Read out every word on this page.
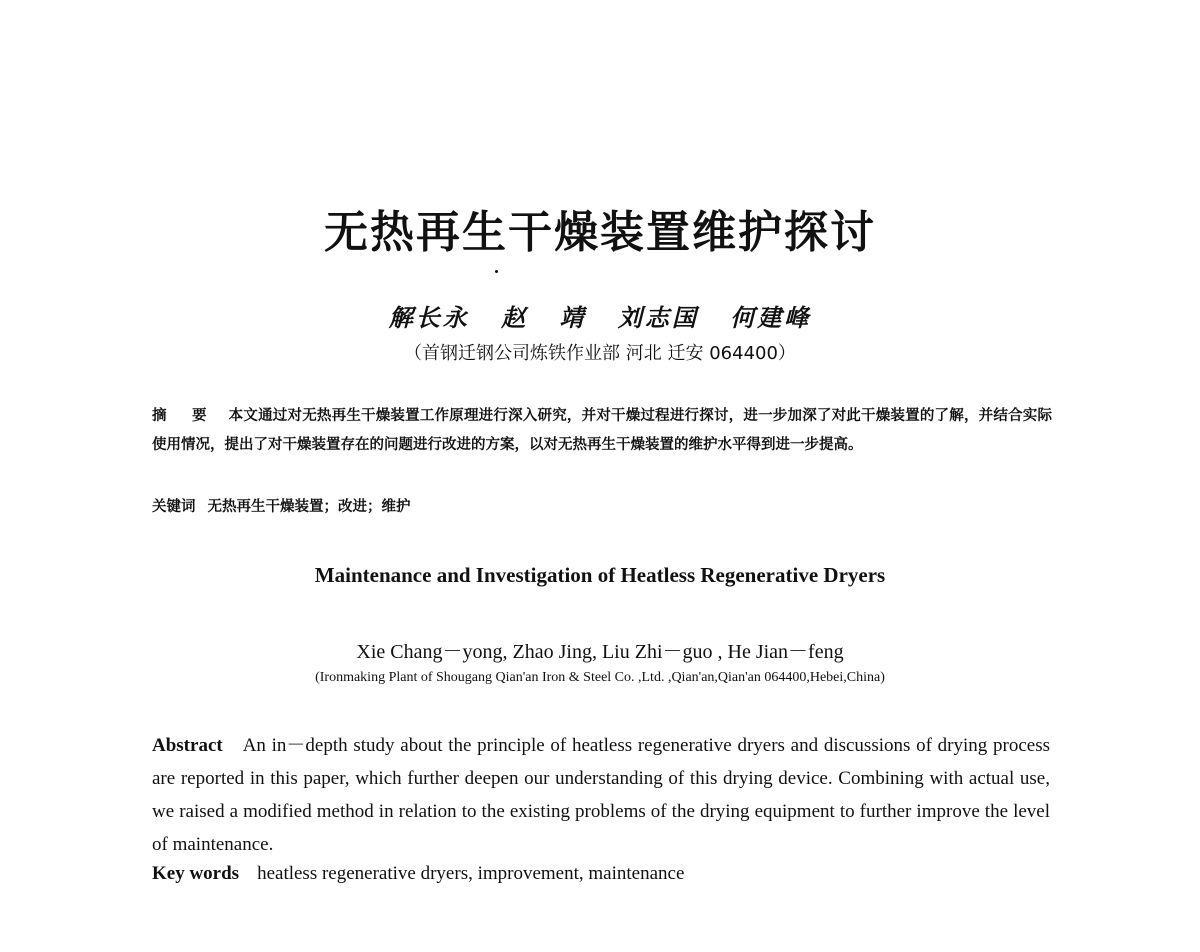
无热再生干燥装置维护探讨
解长永 赵 靖 刘志国 何建峰
（首钢迁钢公司炼铁作业部 河北 迁安 064400）
摘 要 本文通过对无热再生干燥装置工作原理进行深入研究，并对干燥过程进行探讨，进一步加深了对此干燥装置的了解，并结合实际使用情况，提出了对干燥装置存在的问题进行改进的方案，以对无热再生干燥装置的维护水平得到进一步提高。
关键词 无热再生干燥装置；改进；维护
Maintenance and Investigation of Heatless Regenerative Dryers
Xie Chang－yong, Zhao Jing, Liu Zhi－guo , He Jian－feng
(Ironmaking Plant of Shougang Qian'an Iron & Steel Co. ,Ltd. ,Qian'an,Qian'an 064400,Hebei,China)
Abstract An in－depth study about the principle of heatless regenerative dryers and discussions of drying process are reported in this paper, which further deepen our understanding of this drying device. Combining with actual use, we raised a modified method in relation to the existing problems of the drying equipment to further improve the level of maintenance.
Key words heatless regenerative dryers, improvement, maintenance
